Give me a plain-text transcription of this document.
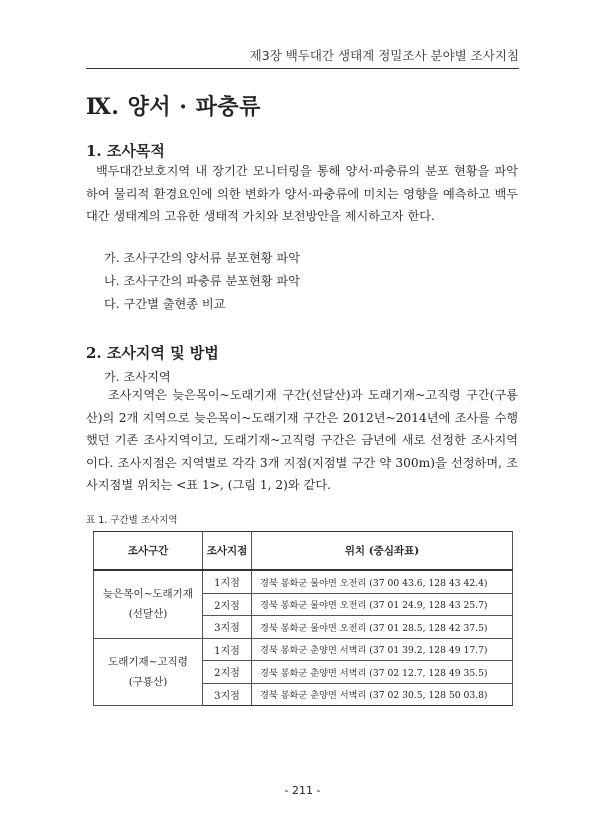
제3장 백두대간 생태계 정밀조사 분야별 조사지침
Ⅸ. 양서 · 파충류
1. 조사목적
백두대간보호지역 내 장기간 모니터링을 통해 양서·파충류의 분포 현황을 파악하여 물리적 환경요인에 의한 변화가 양서·파충류에 미치는 영향을 예측하고 백두대간 생태계의 고유한 생태적 가치와 보전방안을 제시하고자 한다.
가. 조사구간의 양서류 분포현황 파악
나. 조사구간의 파충류 분포현황 파악
다. 구간별 출현종 비교
2. 조사지역 및 방법
가. 조사지역
조사지역은 늦은목이~도래기재 구간(선달산)과 도래기재~고직령 구간(구룡산)의 2개 지역으로 늦은목이~도래기재 구간은 2012년~2014년에 조사를 수행했던 기존 조사지역이고, 도래기재~고직령 구간은 금년에 새로 선정한 조사지역이다. 조사지점은 지역별로 각각 3개 지점(지점별 구간 약 300m)을 선정하며, 조사지점별 위치는 <표 1>, (그림 1, 2)와 같다.
표 1. 구간별 조사지역
조사구간	조사지점	위치 (중심좌표)

늦은목이~도래기재
(선달산)	1지점	경북 봉화군 물야면 오전리 (37 00 43.6, 128 43 42.4)
	2지점	경북 봉화군 물야면 오전리 (37 01 24.9, 128 43 25.7)
	3지점	경북 봉화군 물야면 오전리 (37 01 28.5, 128 42 37.5)

도래기재~고직령
(구룡산)	1지점	경북 봉화군 춘양면 서벽리 (37 01 39.2, 128 49 17.7)
	2지점	경북 봉화군 춘양면 서벽리 (37 02 12.7, 128 49 35.5)
	3지점	경북 봉화군 춘양면 서벽리 (37 02 30.5, 128 50 03.8)
- 211 -
